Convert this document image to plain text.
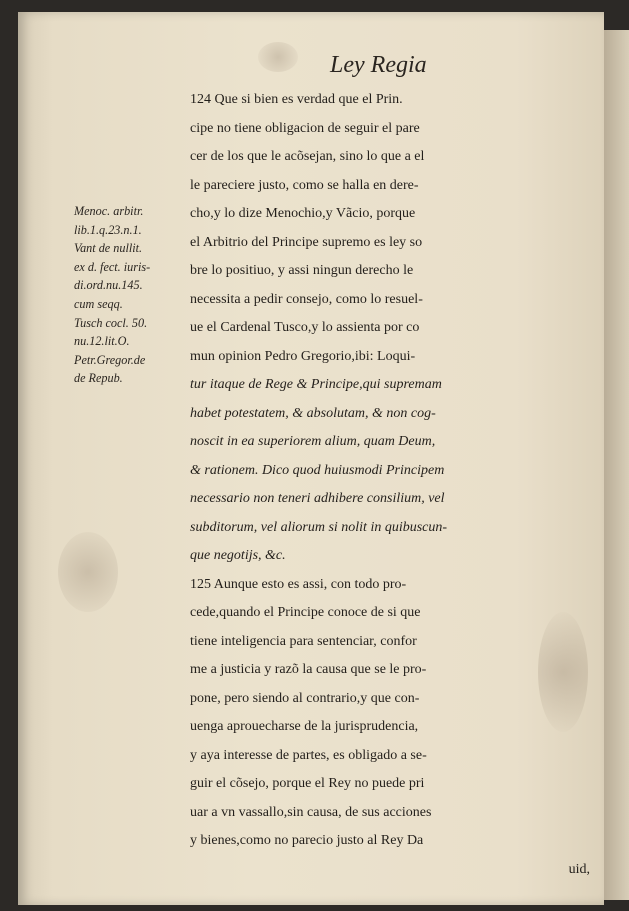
Ley Regia
Menoc. arbitr.
lib.1.q.23.n.1.
Vant de nullit.
ex d. fect. iuris-
di.ord.nu.145.
cum seqq.
Tusch cocl. 50.
nu.12.lit.O.
Petr.Gregor.de
de Repub.
124 Que si bien es verdad que el Prin.
cipe no tiene obligacion de seguir el pare
cer de los que le acõsejan, sino lo que a el
le pareciere justo, como se halla en dere-
cho,y lo dize Menochio,y Vãcio, porque
el Arbitrio del Principe supremo es ley so
bre lo positiuo, y assi ningun derecho le
necessita a pedir consejo, como lo resuel-
ue el Cardenal Tusco,y lo assienta por co
mun opinion Pedro Gregorio,ibi: Loqui-
tur itaque de Rege & Principe,qui supremam
habet potestatem, & absolutam, & non cog-
noscit in ea superiorem alium, quam Deum,
& rationem. Dico quod huiusmodi Principem
necessario non teneri adhibere consilium, vel
subditorum, vel aliorum si nolit in quibuscun-
que negotijs, &c.
125 Aunque esto es assi, con todo pro-
cede,quando el Principe conoce de si que
tiene inteligencia para sentenciar, confor
me a justicia y razõ la causa que se le pro-
pone, pero siendo al contrario,y que con-
uenga aprouecharse de la jurisprudencia,
y aya interesse de partes, es obligado a se-
guir el cõsejo, porque el Rey no puede pri
uar a vn vassallo,sin causa, de sus acciones
y bienes,como no parecio justo al Rey Da
uid,
